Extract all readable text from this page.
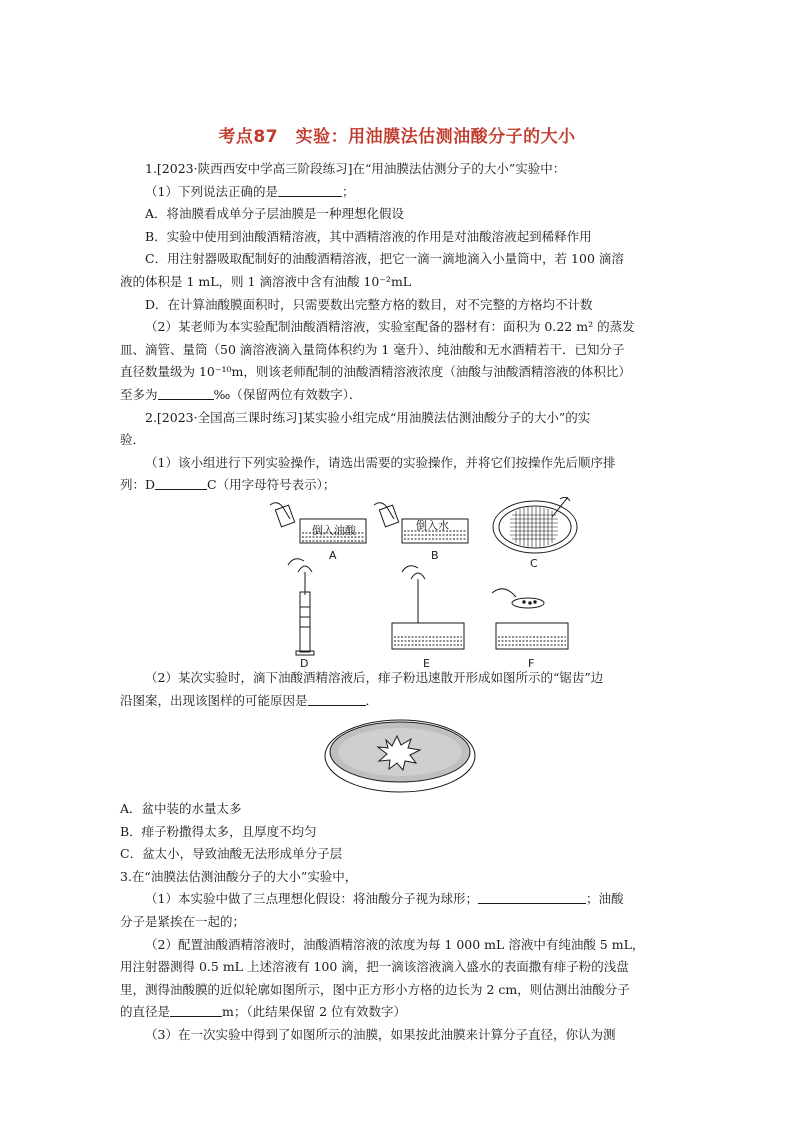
考点87　实验：用油膜法估测油酸分子的大小
1.[2023·陕西西安中学高三阶段练习]在“用油膜法估测分子的大小”实验中：
（1）下列说法正确的是	；
A．将油膜看成单分子层油膜是一种理想化假设
B．实验中使用到油酸酒精溶液，其中酒精溶液的作用是对油酸溶液起到稀释作用
C．用注射器吸取配制好的油酸酒精溶液，把它一滴一滴地滴入小量筒中，若 100 滴溶
液的体积是 1 mL，则 1 滴溶液中含有油酸 10⁻²mL
D．在计算油酸膜面积时，只需要数出完整方格的数目，对不完整的方格均不计数
（2）某老师为本实验配制油酸酒精溶液，实验室配备的器材有：面积为 0.22 m² 的蒸发
皿、滴管、量筒（50 滴溶液滴入量筒体积约为 1 毫升）、纯油酸和无水酒精若干．已知分子
直径数量级为 10⁻¹⁰m，则该老师配制的油酸酒精溶液浓度（油酸与油酸酒精溶液的体积比）
至多为	‰（保留两位有效数字）．
2.[2023·全国高三课时练习]某实验小组完成“用油膜法估测油酸分子的大小”的实
验．
（1）该小组进行下列实验操作，请选出需要的实验操作，并将它们按操作先后顺序排
列：D	C（用字母符号表示）；
倒入油酸	倒入水
A	B
C
D	E	F
（2）某次实验时，滴下油酸酒精溶液后，痱子粉迅速散开形成如图所示的“锯齿”边
沿图案，出现该图样的可能原因是	．
A．盆中装的水量太多
B．痱子粉撒得太多，且厚度不均匀
C．盆太小，导致油酸无法形成单分子层
3.在“油膜法估测油酸分子的大小”实验中，
（1）本实验中做了三点理想化假设：将油酸分子视为球形；	；油酸
分子是紧挨在一起的；
（2）配置油酸酒精溶液时，油酸酒精溶液的浓度为每 1 000 mL 溶液中有纯油酸 5 mL，
用注射器测得 0.5 mL 上述溶液有 100 滴，把一滴该溶液滴入盛水的表面撒有痱子粉的浅盘
里，测得油酸膜的近似轮廓如图所示，图中正方形小方格的边长为 2 cm，则估测出油酸分子
的直径是	m；（此结果保留 2 位有效数字）
（3）在一次实验中得到了如图所示的油膜，如果按此油膜来计算分子直径，你认为测
